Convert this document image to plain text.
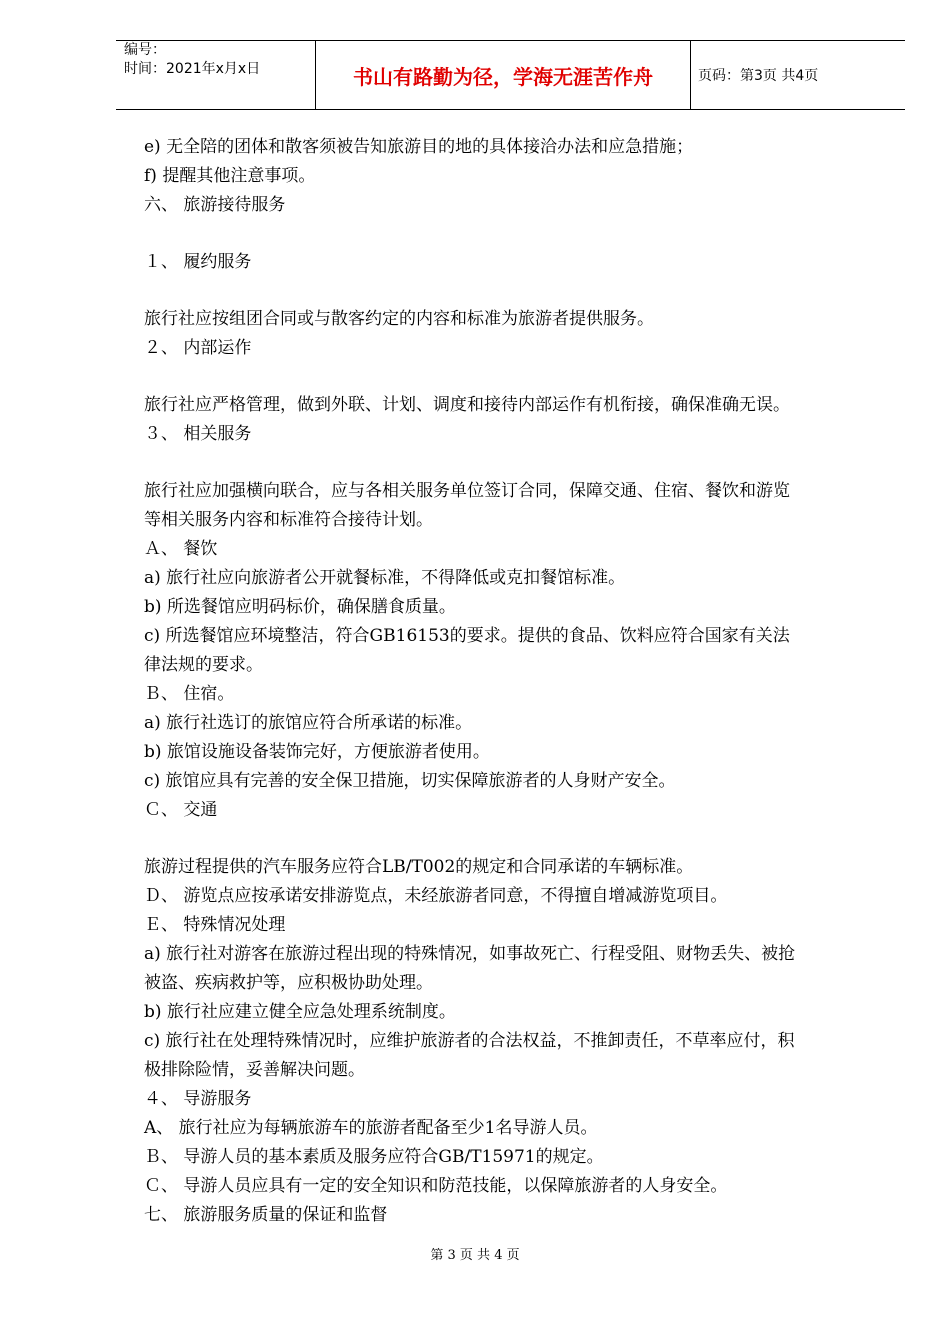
编号：
时间：2021年x月x日	书山有路勤为径，学海无涯苦作舟	页码：第3页 共4页

e) 无全陪的团体和散客须被告知旅游目的地的具体接洽办法和应急措施；

f) 提醒其他注意事项。

六、 旅游接待服务

１、 履约服务

旅行社应按组团合同或与散客约定的内容和标准为旅游者提供服务。

２、 内部运作

旅行社应严格管理，做到外联、计划、调度和接待内部运作有机衔接，确保准确无误。

３、 相关服务

旅行社应加强横向联合，应与各相关服务单位签订合同，保障交通、住宿、餐饮和游览

等相关服务内容和标准符合接待计划。

Ａ、 餐饮

a) 旅行社应向旅游者公开就餐标准，不得降低或克扣餐馆标准。

b) 所选餐馆应明码标价，确保膳食质量。

c) 所选餐馆应环境整洁，符合GB16153的要求。提供的食品、饮料应符合国家有关法

律法规的要求。

Ｂ、 住宿。

a) 旅行社选订的旅馆应符合所承诺的标准。

b) 旅馆设施设备装饰完好，方便旅游者使用。

c) 旅馆应具有完善的安全保卫措施，切实保障旅游者的人身财产安全。

Ｃ、 交通

旅游过程提供的汽车服务应符合LB/T002的规定和合同承诺的车辆标准。

Ｄ、 游览点应按承诺安排游览点，未经旅游者同意，不得擅自增减游览项目。

Ｅ、 特殊情况处理

a) 旅行社对游客在旅游过程出现的特殊情况，如事故死亡、行程受阻、财物丢失、被抢

被盗、疾病救护等，应积极协助处理。

b) 旅行社应建立健全应急处理系统制度。

c) 旅行社在处理特殊情况时，应维护旅游者的合法权益，不推卸责任，不草率应付，积

极排除险情，妥善解决问题。

４、 导游服务

A、 旅行社应为每辆旅游车的旅游者配备至少1名导游人员。

Ｂ、 导游人员的基本素质及服务应符合GB/T15971的规定。

Ｃ、 导游人员应具有一定的安全知识和防范技能，以保障旅游者的人身安全。

七、 旅游服务质量的保证和监督

第 3 页 共 4 页
